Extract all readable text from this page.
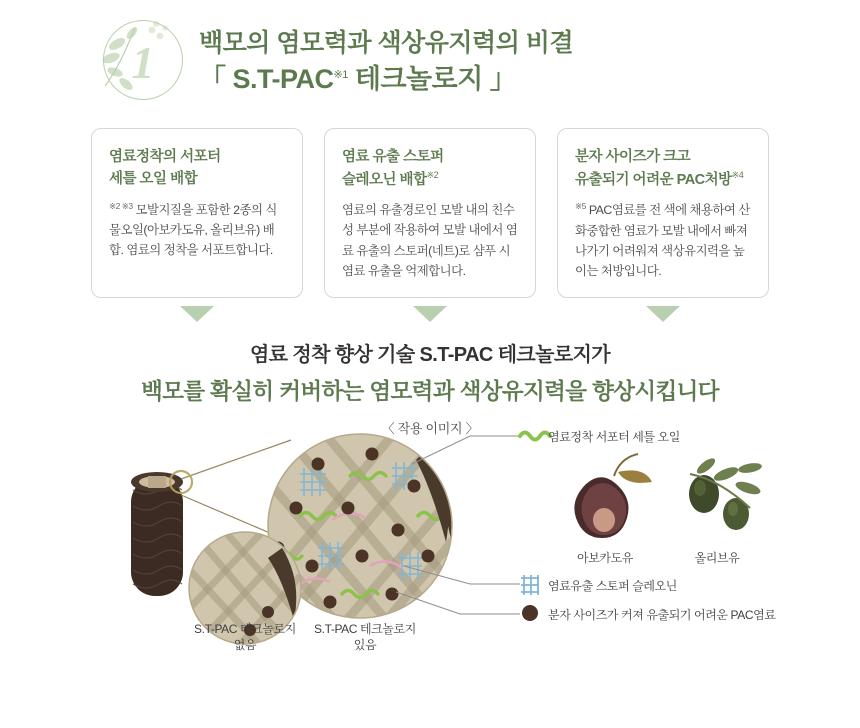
1	백모의 염모력과 색상유지력의 비결
「 S.T-PAC$^{※1}$ 테크놀로지 」
염료정착의 서포터
세틀 오일 배합
$^{※2 ※3}$ 모발지질을 포함한 2종의 식물오일(아보카도유, 올리브유) 배합. 염료의 정착을 서포트합니다.
염료 유출 스토퍼
슬레오닌 배합$^{※2}$
염료의 유출경로인 모발 내의 친수성 부분에 작용하여 모발 내에서 염료 유출의 스토퍼(네트)로 샴푸 시 염료 유출을 억제합니다.
분자 사이즈가 크고
유출되기 어려운 PAC처방$^{※4}$
$^{※5}$ PAC염료를 전 색에 채용하여 산화중합한 염료가 모발 내에서 빠져나가기 어려워져 색상유지력을 높이는 처방입니다.
염료 정착 향상 기술 S.T-PAC 테크놀로지가
백모를 확실히 커버하는 염모력과 색상유지력을 향상시킵니다
〈 작용 이미지 〉
S.T-PAC 테크놀로지
없음
S.T-PAC 테크놀로지
있음
염료정착 서포터 세틀 오일
염료유출 스토퍼 슬레오닌
분자 사이즈가 커져 유출되기 어려운 PAC염료
아보카도유	올리브유
